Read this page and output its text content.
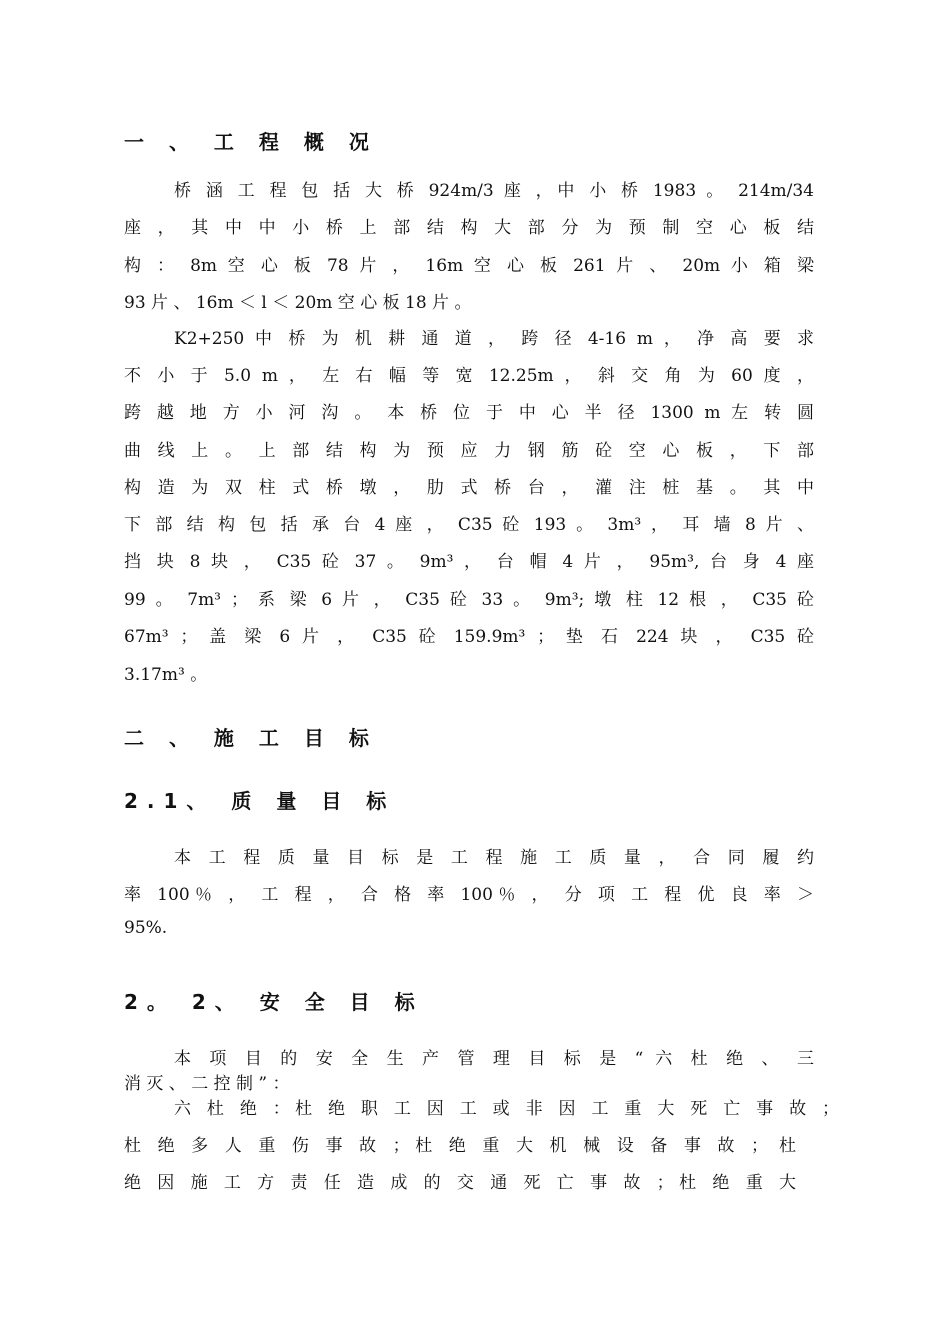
一 、 工 程 概 况
桥 涵 工 程 包 括 大 桥 924m/3 座 ，中 小 桥 1983 。 214m/34
座 ， 其 中 中 小 桥 上 部 结 构 大 部 分 为 预 制 空 心 板 结
构 ： 8m 空 心 板 78 片 ， 16m 空 心 板 261 片 、 20m 小 箱 梁
93 片 、 16m ＜ l ＜ 20m 空 心 板 18 片 。
K2+250 中 桥 为 机 耕 通 道 ， 跨 径 4-16 m ， 净 高 要 求
不 小 于 5.0 m ， 左 右 幅 等 宽 12.25m ， 斜 交 角 为 60 度 ，
跨 越 地 方 小 河 沟 。 本 桥 位 于 中 心 半 径 1300 m 左 转 圆
曲 线 上 。 上 部 结 构 为 预 应 力 钢 筋 砼 空 心 板 ， 下 部
构 造 为 双 柱 式 桥 墩 ， 肋 式 桥 台 ， 灌 注 桩 基 。 其 中
下 部 结 构 包 括 承 台 4 座 ， C35 砼 193 。 3m³ ， 耳 墙 8 片 、
挡 块 8 块 ， C35 砼 37 。 9m³ ， 台 帽 4 片 ， 95m³, 台 身 4 座
99 。 7m³ ； 系 梁 6 片 ， C35 砼 33 。 9m³; 墩 柱 12 根 ， C35 砼
67m³ ； 盖 梁 6 片 ， C35 砼 159.9m³ ； 垫 石 224 块 ， C35 砼
3.17m³ 。
二 、 施 工 目 标
2.1、 质 量 目 标
本 工 程 质 量 目 标 是 工 程 施 工 质 量 ， 合 同 履 约
率 100％ ， 工 程 ， 合 格 率 100％ ， 分 项 工 程 优 良 率 ＞
95%.
2。 2、 安 全 目 标
本 项 目 的 安 全 生 产 管 理 目 标 是 “ 六 杜 绝 、 三
消 灭 、 二 控 制 ” ：
六 杜 绝 ：杜 绝 职 工 因 工 或 非 因 工 重 大 死 亡 事 故 ；
杜 绝 多 人 重 伤 事 故 ；杜 绝 重 大 机 械 设 备 事 故 ； 杜
绝 因 施 工 方 责 任 造 成 的 交 通 死 亡 事 故 ；杜 绝 重 大
